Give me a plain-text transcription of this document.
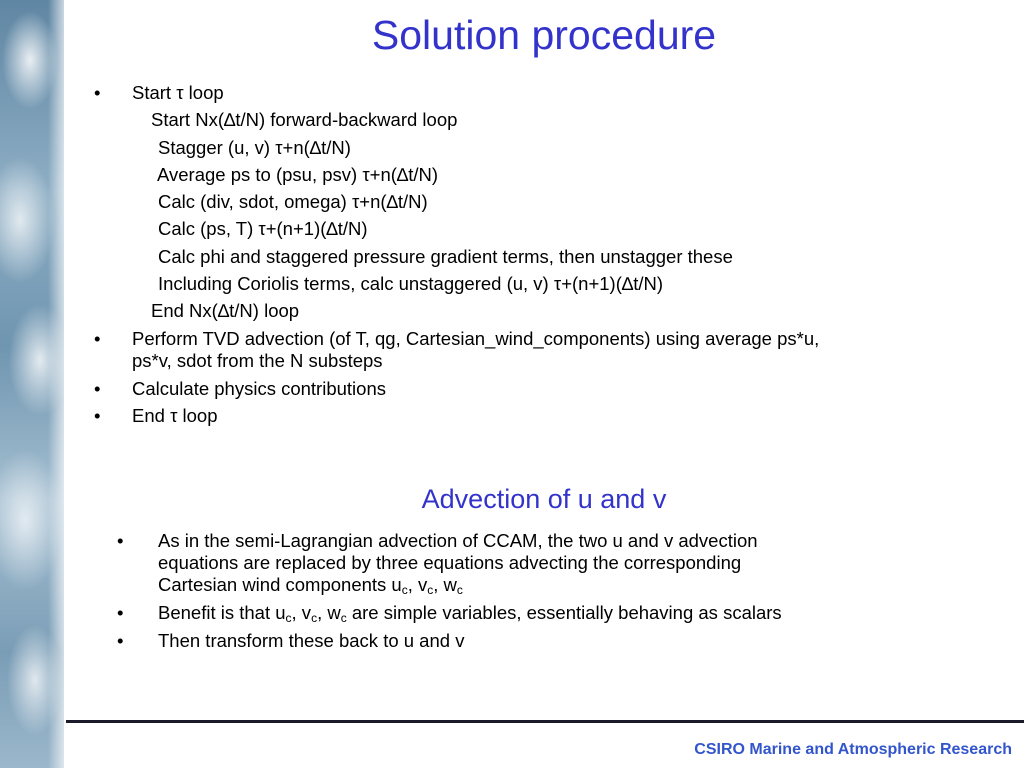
Solution procedure
• Start τ loop
Start Nx(∆t/N) forward-backward loop
Stagger (u, v) τ+n(∆t/N)
Average ps to (psu, psv) τ+n(∆t/N)
Calc (div, sdot, omega) τ+n(∆t/N)
Calc (ps, T) τ+(n+1)(∆t/N)
Calc phi and staggered pressure gradient terms, then unstagger these
Including Coriolis terms, calc unstaggered (u, v) τ+(n+1)(∆t/N)
End Nx(∆t/N) loop
• Perform TVD advection (of T, qg, Cartesian_wind_components) using average ps*u,
ps*v, sdot from the N substeps
• Calculate physics contributions
• End τ loop
Advection of u and v
• As in the semi-Lagrangian advection of CCAM, the two u and v advection
equations are replaced by three equations advecting the corresponding
Cartesian wind components $u_c$, $v_c$, $w_c$
• Benefit is that $u_c$, $v_c$, $w_c$ are simple variables, essentially behaving as scalars
• Then transform these back to u and v
CSIRO Marine and Atmospheric Research
